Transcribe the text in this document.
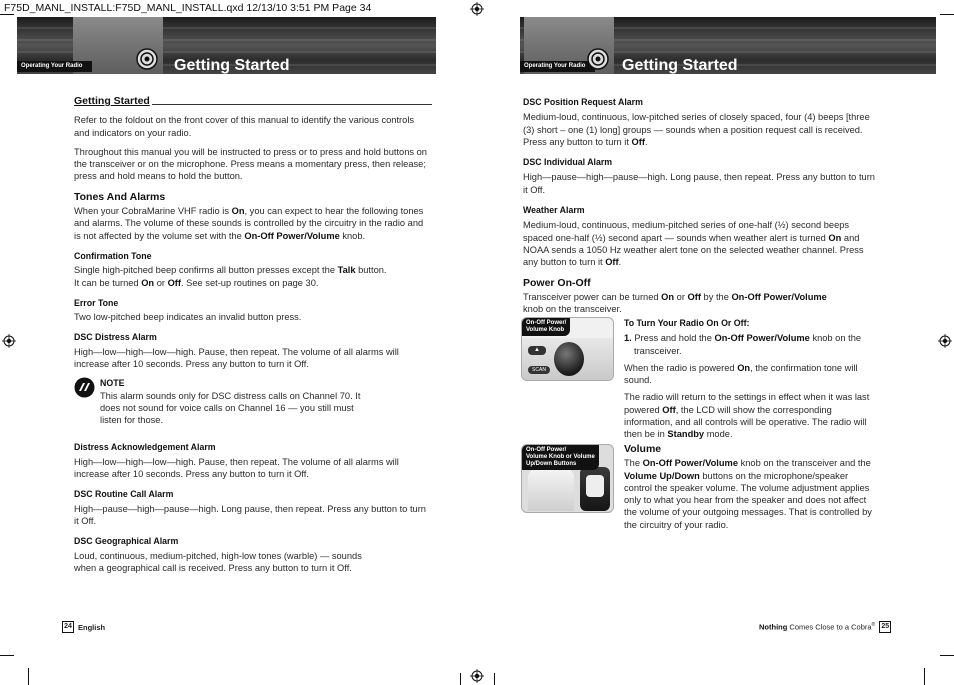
F75D_MANL_INSTALL:F75D_MANL_INSTALL.qxd 12/13/10 3:51 PM Page 34
Operating Your Radio	Getting Started	Operating Your Radio	Getting Started
Getting Started

Refer to the foldout on the front cover of this manual to identify the various controls and indicators on your radio.

Throughout this manual you will be instructed to press or to press and hold buttons on the transceiver or on the microphone. Press means a momentary press, then release; press and hold means to hold the button.

Tones And Alarms

When your CobraMarine VHF radio is On, you can expect to hear the following tones and alarms. The volume of these sounds is controlled by the circuitry in the radio and is not affected by the volume set with the On-Off Power/Volume knob.

Confirmation Tone

Single high-pitched beep confirms all button presses except the Talk button.
It can be turned On or Off. See set-up routines on page 30.

Error Tone

Two low-pitched beep indicates an invalid button press.

DSC Distress Alarm

High—low—high—low—high. Pause, then repeat. The volume of all alarms will increase after 10 seconds. Press any button to turn it Off.

NOTE

This alarm sounds only for DSC distress calls on Channel 70. It does not sound for voice calls on Channel 16 — you still must listen for those.

Distress Acknowledgement Alarm

High—low—high—low—high. Pause, then repeat. The volume of all alarms will increase after 10 seconds. Press any button to turn it Off.

DSC Routine Call Alarm

High—pause—high—pause—high. Long pause, then repeat. Press any button to turn it Off.

DSC Geographical Alarm

Loud, continuous, medium-pitched, high-low tones (warble) — sounds when a geographical call is received. Press any button to turn it Off.

24 English
DSC Position Request Alarm

Medium-loud, continuous, low-pitched series of closely spaced, four (4) beeps [three (3) short – one (1) long] groups — sounds when a position request call is received. Press any button to turn it Off.

DSC Individual Alarm

High—pause—high—pause—high. Long pause, then repeat. Press any button to turn it Off.

Weather Alarm

Medium-loud, continuous, medium-pitched series of one-half (½) second beeps spaced one-half (½) second apart — sounds when weather alert is turned On and NOAA sends a 1050 Hz weather alert tone on the selected weather channel. Press any button to turn it Off.

Power On-Off

Transceiver power can be turned On or Off by the On-Off Power/Volume
knob on the transceiver.

On-Off Power/
Volume Knob
▲
SCAN
To Turn Your Radio On Or Off:

1. Press and hold the On-Off Power/Volume knob on the transceiver.

When the radio is powered On, the confirmation tone will sound.

The radio will return to the settings in effect when it was last powered Off, the LCD will show the corresponding information, and all controls will be operative. The radio will then be in Standby mode.

On-Off Power/
Volume Knob or Volume
Up/Down Buttons
Volume

The On-Off Power/Volume knob on the transceiver and the Volume Up/Down buttons on the microphone/speaker control the speaker volume. The volume adjustment applies only to what you hear from the speaker and does not affect the volume of your outgoing messages. That is controlled by the circuitry of your radio.

Nothing Comes Close to a Cobra® 25
